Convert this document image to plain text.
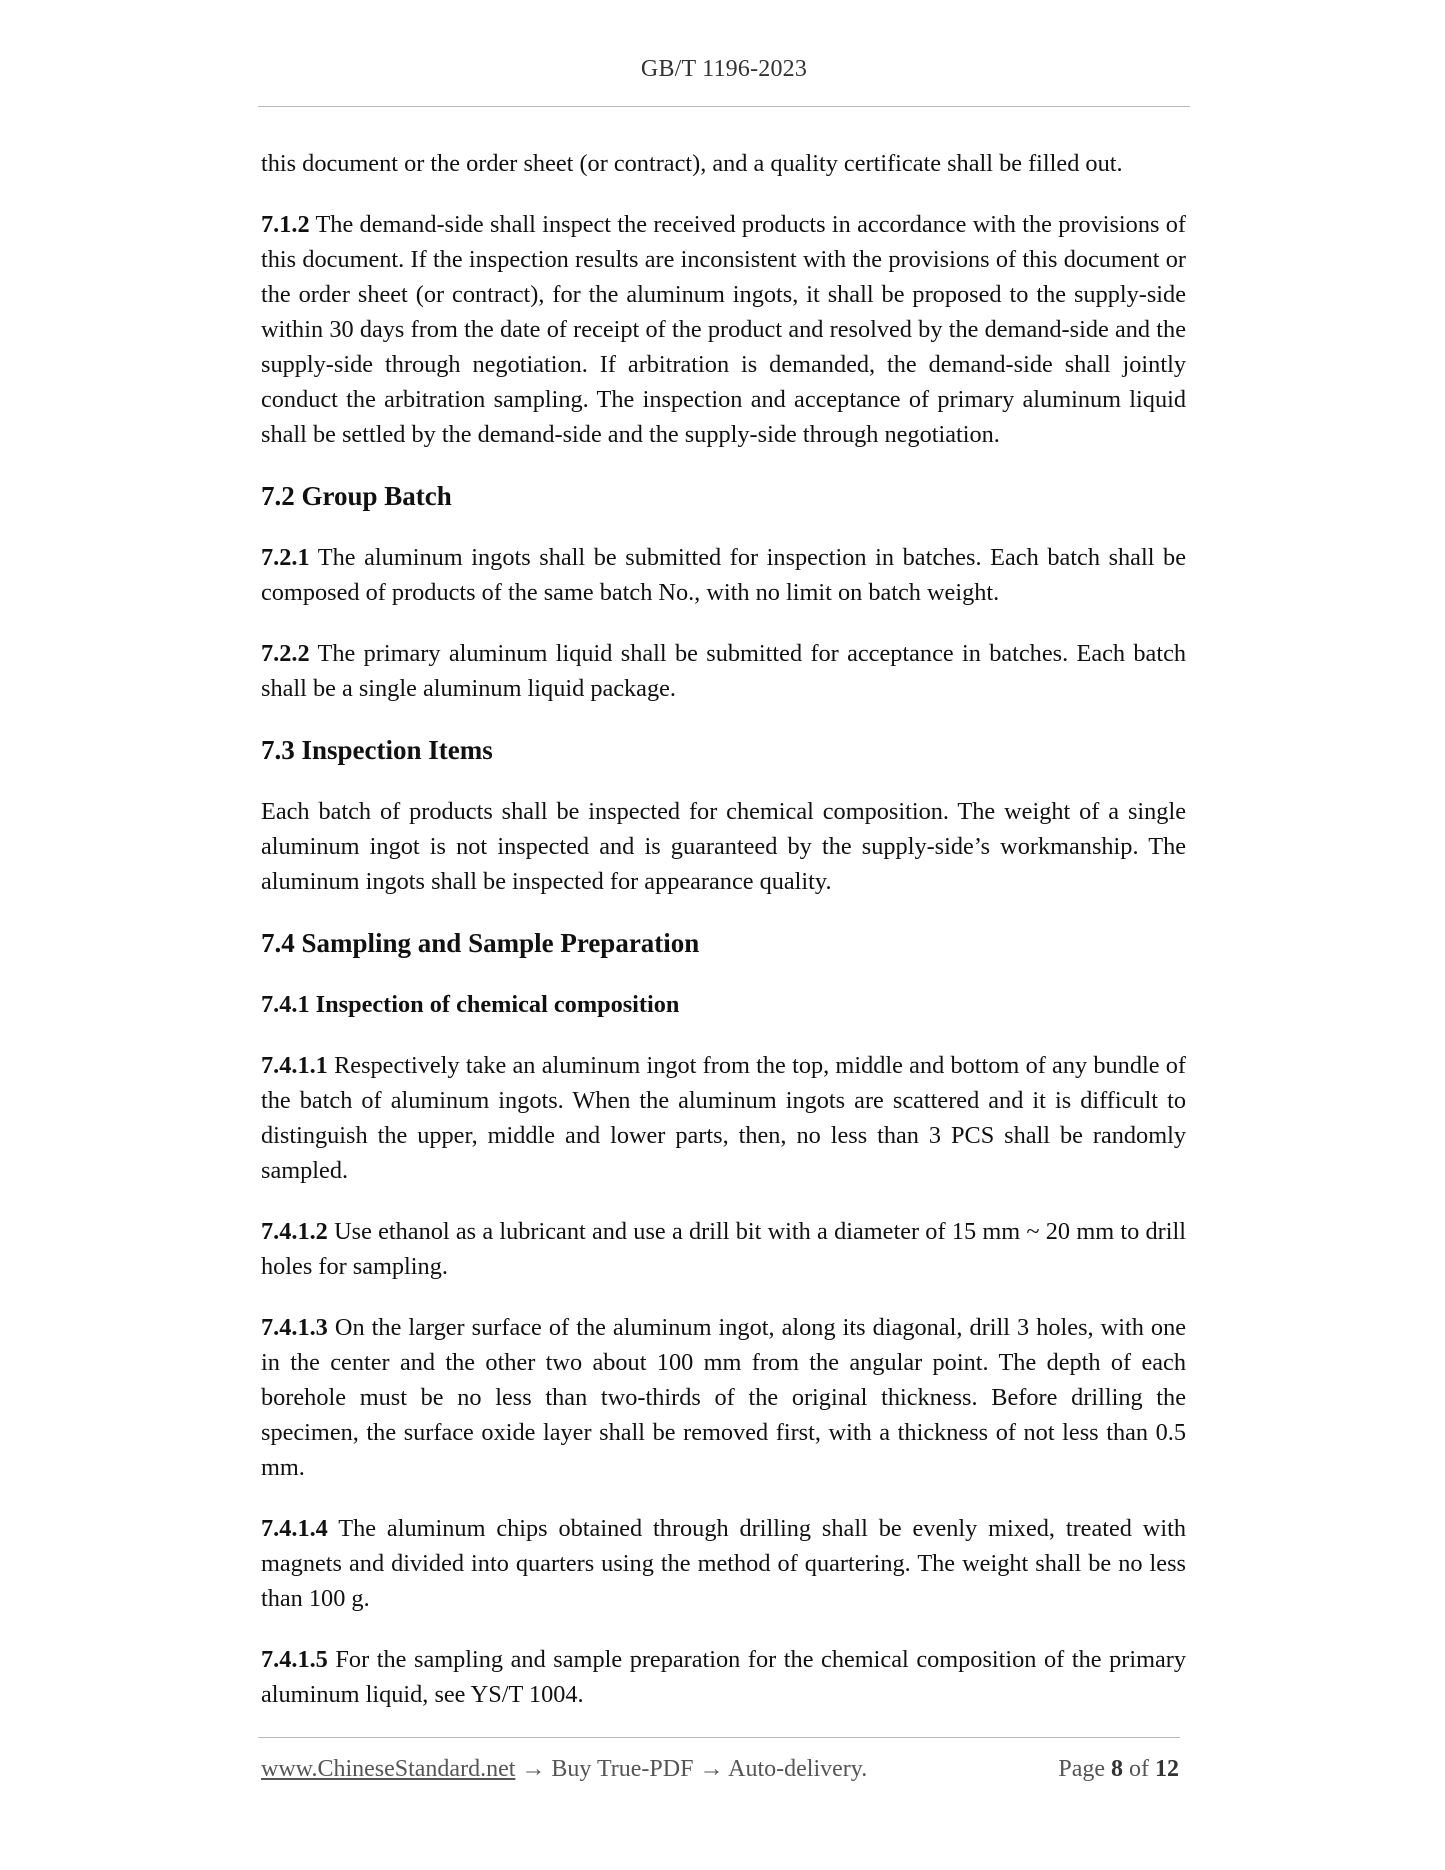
GB/T 1196-2023

this document or the order sheet (or contract), and a quality certificate shall be filled out.

7.1.2 The demand-side shall inspect the received products in accordance with the provisions of this document. If the inspection results are inconsistent with the provisions of this document or the order sheet (or contract), for the aluminum ingots, it shall be proposed to the supply-side within 30 days from the date of receipt of the product and resolved by the demand-side and the supply-side through negotiation. If arbitration is demanded, the demand-side shall jointly conduct the arbitration sampling. The inspection and acceptance of primary aluminum liquid shall be settled by the demand-side and the supply-side through negotiation.

7.2 Group Batch

7.2.1 The aluminum ingots shall be submitted for inspection in batches. Each batch shall be composed of products of the same batch No., with no limit on batch weight.

7.2.2 The primary aluminum liquid shall be submitted for acceptance in batches. Each batch shall be a single aluminum liquid package.

7.3 Inspection Items

Each batch of products shall be inspected for chemical composition. The weight of a single aluminum ingot is not inspected and is guaranteed by the supply-side’s workmanship. The aluminum ingots shall be inspected for appearance quality.

7.4 Sampling and Sample Preparation
7.4.1 Inspection of chemical composition

7.4.1.1 Respectively take an aluminum ingot from the top, middle and bottom of any bundle of the batch of aluminum ingots. When the aluminum ingots are scattered and it is difficult to distinguish the upper, middle and lower parts, then, no less than 3 PCS shall be randomly sampled.

7.4.1.2 Use ethanol as a lubricant and use a drill bit with a diameter of 15 mm ~ 20 mm to drill holes for sampling.

7.4.1.3 On the larger surface of the aluminum ingot, along its diagonal, drill 3 holes, with one in the center and the other two about 100 mm from the angular point. The depth of each borehole must be no less than two-thirds of the original thickness. Before drilling the specimen, the surface oxide layer shall be removed first, with a thickness of not less than 0.5 mm.

7.4.1.4 The aluminum chips obtained through drilling shall be evenly mixed, treated with magnets and divided into quarters using the method of quartering. The weight shall be no less than 100 g.

7.4.1.5 For the sampling and sample preparation for the chemical composition of the primary aluminum liquid, see YS/T 1004.

www.ChineseStandard.net → Buy True-PDF → Auto-delivery.	Page 8 of 12
